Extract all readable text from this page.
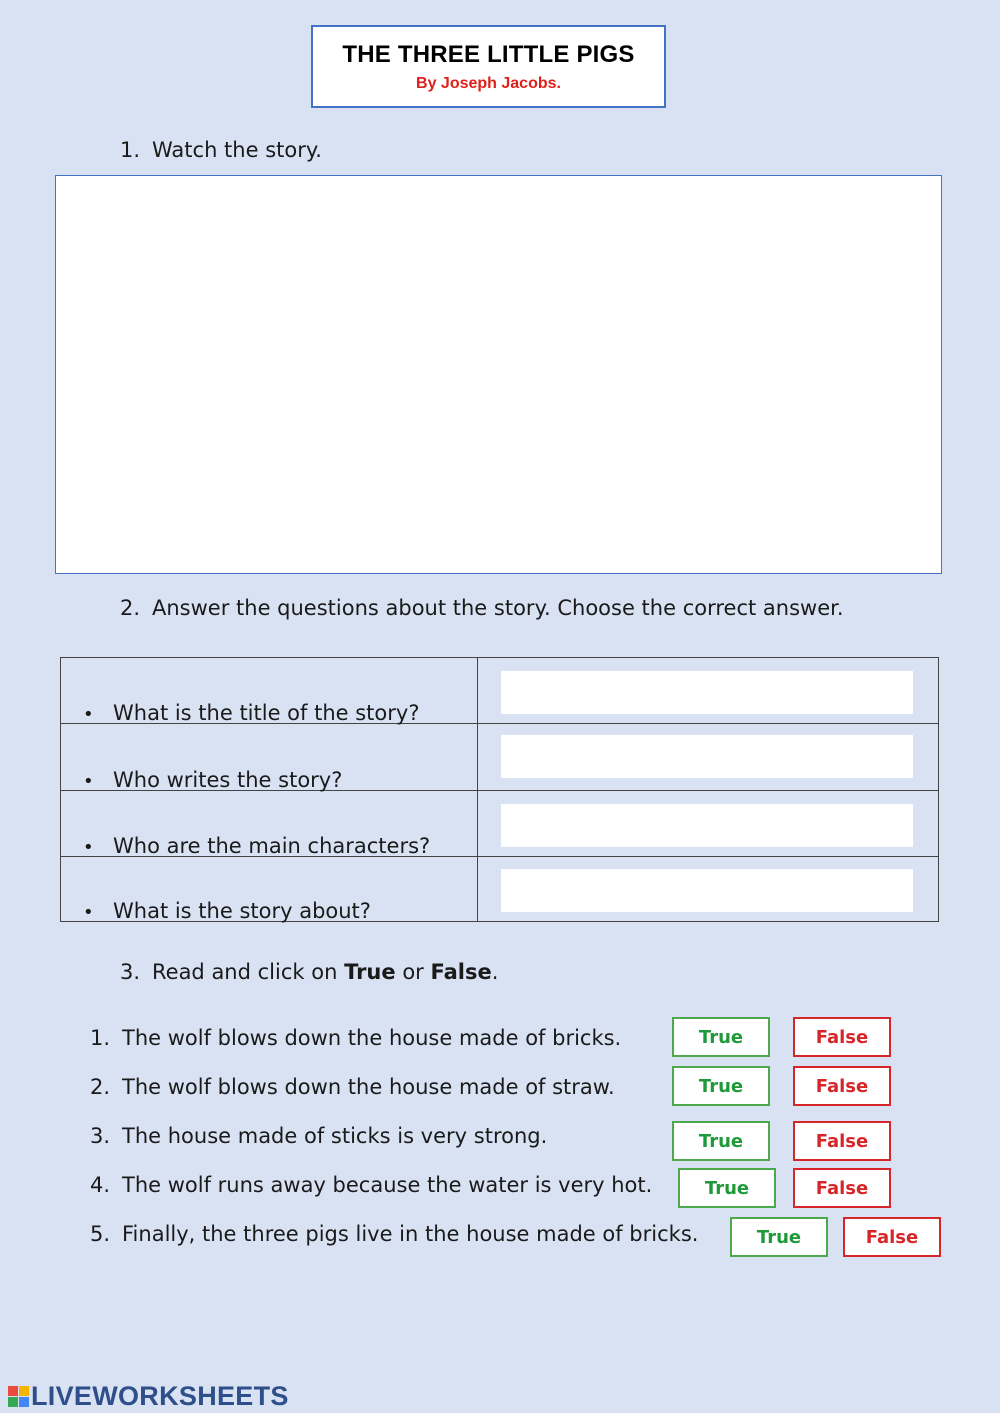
THE THREE LITTLE PIGS
By Joseph Jacobs.
1. Watch the story.
2. Answer the questions about the story. Choose the correct answer.
• What is the title of the story?
• Who writes the story?
• Who are the main characters?
• What is the story about?
3. Read and click on True or False.
1. The wolf blows down the house made of bricks.	True	False
2. The wolf blows down the house made of straw.	True	False
3. The house made of sticks is very strong.	True	False
4. The wolf runs away because the water is very hot.	True	False
5. Finally, the three pigs live in the house made of bricks.	True	False
LIVEWORKSHEETS
